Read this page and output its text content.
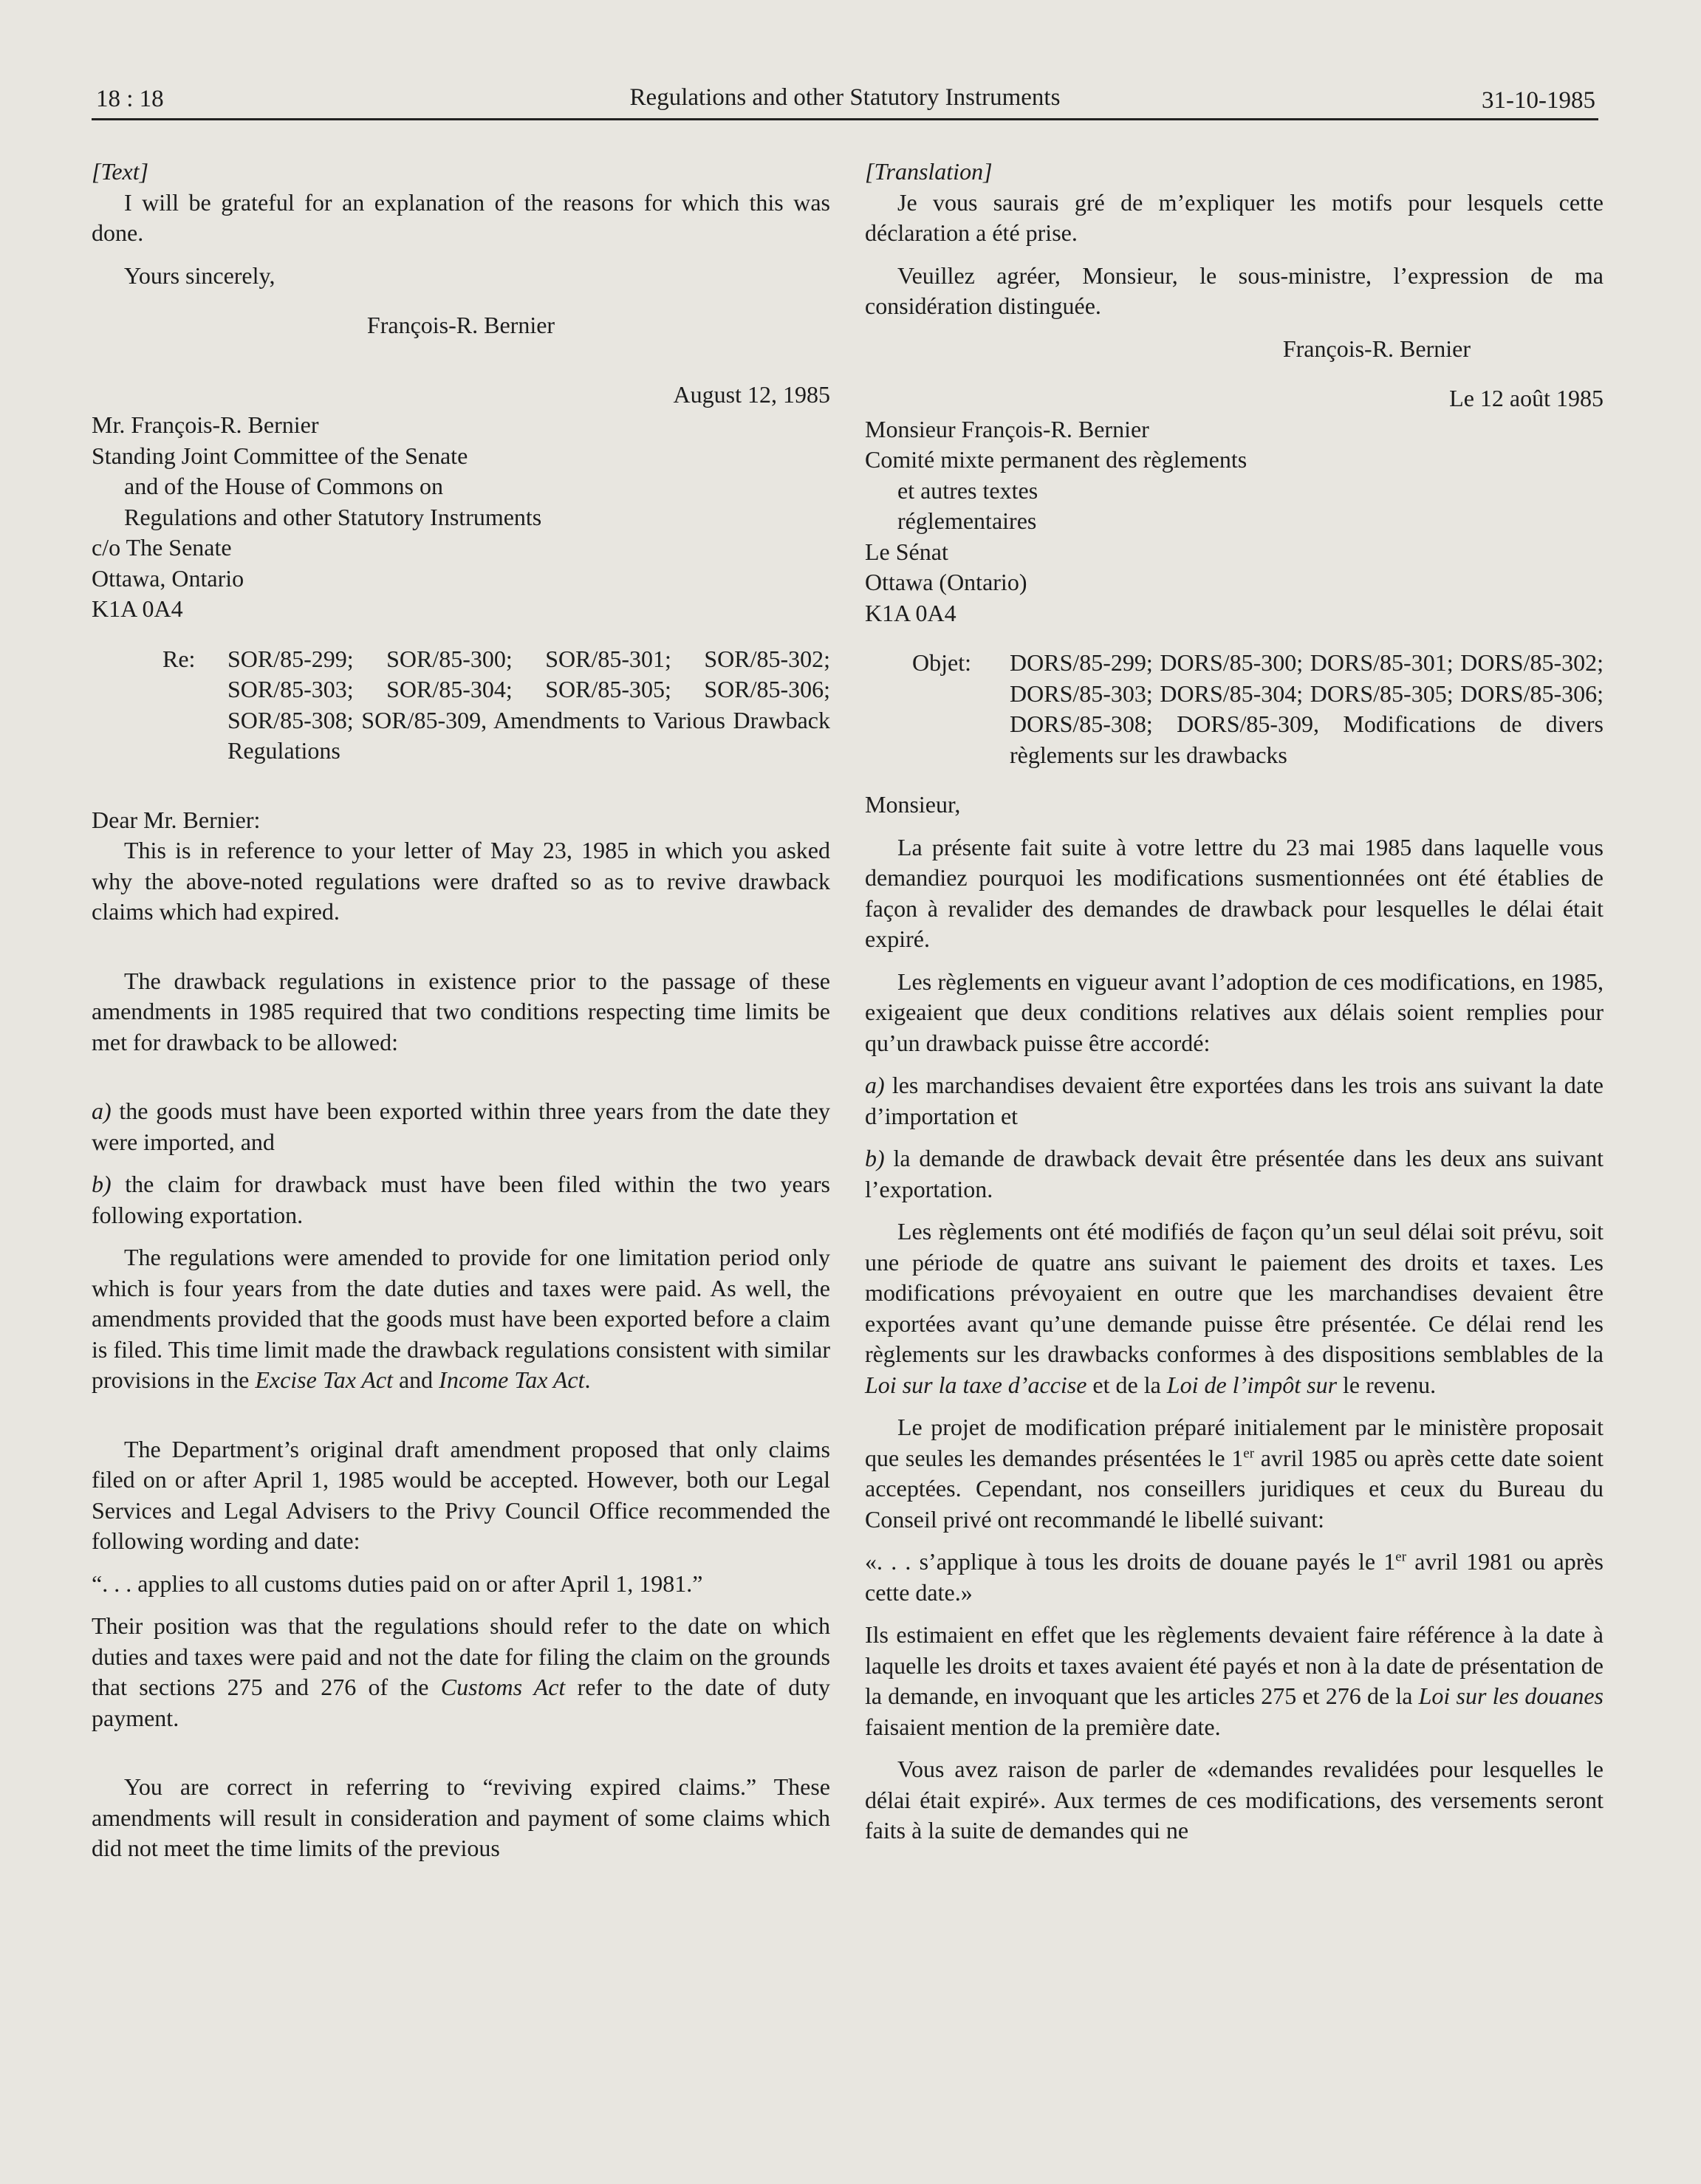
18 : 18	Regulations and other Statutory Instruments	31-10-1985

[Text]

I will be grateful for an explanation of the reasons for which this was done.

Yours sincerely,

François-R. Bernier

August 12, 1985

Mr. François-R. Bernier

Standing Joint Committee of the Senate

and of the House of Commons on

Regulations and other Statutory Instruments

c/o The Senate

Ottawa, Ontario

K1A 0A4

Re:	SOR/85-299; SOR/85-300; SOR/85-301; SOR/85-302; SOR/85-303; SOR/85-304; SOR/85-305; SOR/85-306; SOR/85-308; SOR/85-309, Amendments to Various Drawback Regulations

Dear Mr. Bernier:

This is in reference to your letter of May 23, 1985 in which you asked why the above-noted regulations were drafted so as to revive drawback claims which had expired.

The drawback regulations in existence prior to the passage of these amendments in 1985 required that two conditions respecting time limits be met for drawback to be allowed:

a) the goods must have been exported within three years from the date they were imported, and

b) the claim for drawback must have been filed within the two years following exportation.

The regulations were amended to provide for one limitation period only which is four years from the date duties and taxes were paid. As well, the amendments provided that the goods must have been exported before a claim is filed. This time limit made the drawback regulations consistent with similar provisions in the Excise Tax Act and Income Tax Act.

The Department’s original draft amendment proposed that only claims filed on or after April 1, 1985 would be accepted. However, both our Legal Services and Legal Advisers to the Privy Council Office recommended the following wording and date:

“. . . applies to all customs duties paid on or after April 1, 1981.”

Their position was that the regulations should refer to the date on which duties and taxes were paid and not the date for filing the claim on the grounds that sections 275 and 276 of the Customs Act refer to the date of duty payment.

You are correct in referring to “reviving expired claims.” These amendments will result in consideration and payment of some claims which did not meet the time limits of the previous

[Translation]

Je vous saurais gré de m’expliquer les motifs pour lesquels cette déclaration a été prise.

Veuillez agréer, Monsieur, le sous-ministre, l’expression de ma considération distinguée.

François-R. Bernier

Le 12 août 1985

Monsieur François-R. Bernier

Comité mixte permanent des règlements

et autres textes

réglementaires

Le Sénat

Ottawa (Ontario)

K1A 0A4

Objet:	DORS/85-299; DORS/85-300; DORS/85-301; DORS/85-302; DORS/85-303; DORS/85-304; DORS/85-305; DORS/85-306; DORS/85-308; DORS/85-309, Modifications de divers règlements sur les drawbacks

Monsieur,

La présente fait suite à votre lettre du 23 mai 1985 dans laquelle vous demandiez pourquoi les modifications susmentionnées ont été établies de façon à revalider des demandes de drawback pour lesquelles le délai était expiré.

Les règlements en vigueur avant l’adoption de ces modifications, en 1985, exigeaient que deux conditions relatives aux délais soient remplies pour qu’un drawback puisse être accordé:

a) les marchandises devaient être exportées dans les trois ans suivant la date d’importation et

b) la demande de drawback devait être présentée dans les deux ans suivant l’exportation.

Les règlements ont été modifiés de façon qu’un seul délai soit prévu, soit une période de quatre ans suivant le paiement des droits et taxes. Les modifications prévoyaient en outre que les marchandises devaient être exportées avant qu’une demande puisse être présentée. Ce délai rend les règlements sur les drawbacks conformes à des dispositions semblables de la Loi sur la taxe d’accise et de la Loi de l’impôt sur le revenu.

Le projet de modification préparé initialement par le ministère proposait que seules les demandes présentées le 1er avril 1985 ou après cette date soient acceptées. Cependant, nos conseillers juridiques et ceux du Bureau du Conseil privé ont recommandé le libellé suivant:

«. . . s’applique à tous les droits de douane payés le 1er avril 1981 ou après cette date.»

Ils estimaient en effet que les règlements devaient faire référence à la date à laquelle les droits et taxes avaient été payés et non à la date de présentation de la demande, en invoquant que les articles 275 et 276 de la Loi sur les douanes faisaient mention de la première date.

Vous avez raison de parler de «demandes revalidées pour lesquelles le délai était expiré». Aux termes de ces modifications, des versements seront faits à la suite de demandes qui ne
